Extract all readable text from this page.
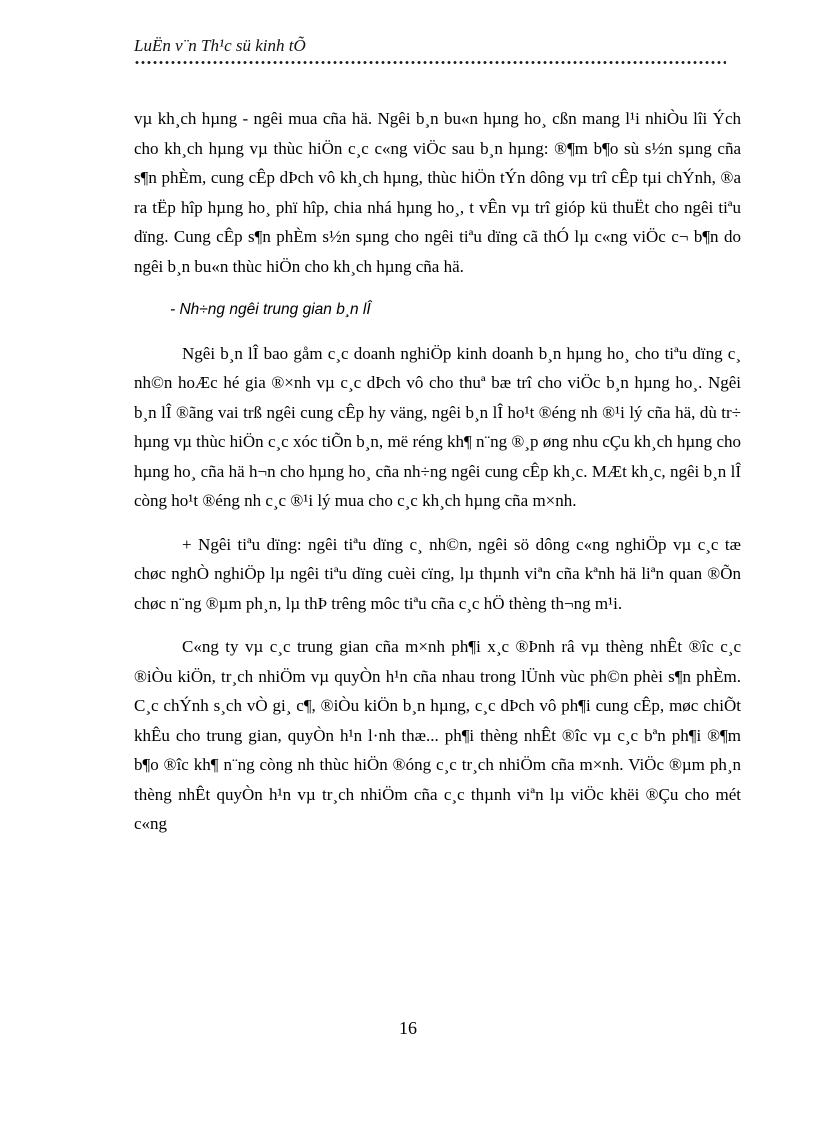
LuËn v¨n Th¹c sü kinh tÕ

vµ kh¸ch hµng - ngêi mua cña hä. Ngêi b¸n bu«n hµng ho¸ cßn mang l¹i nhiÒu lîi Ých cho kh¸ch hµng vµ thùc hiÖn c¸c c«ng viÖc sau b¸n hµng: ®¶m b¶o sù s½n sµng cña s¶n phÈm, cung cÊp dÞch vô kh¸ch hµng, thùc hiÖn tÝn dông vµ trî cÊp tµi chÝnh, ®a ra tËp hîp hµng ho¸ phï hîp, chia nhá hµng ho¸, t vÊn vµ trî gióp kü thuËt cho ngêi tiªu dïng. Cung cÊp s¶n phÈm s½n sµng cho ngêi tiªu dïng cã thÓ lµ c«ng viÖc c¬ b¶n do ngêi b¸n bu«n thùc hiÖn cho kh¸ch hµng cña hä.

- Nh÷ng ngêi trung gian b¸n lÎ

Ngêi b¸n lÎ bao gåm c¸c doanh nghiÖp kinh doanh b¸n hµng ho¸ cho tiªu dïng c¸ nh©n hoÆc hé gia ®×nh vµ c¸c dÞch vô cho thuª bæ trî cho viÖc b¸n hµng ho¸. Ngêi b¸n lÎ ®ãng vai trß ngêi cung cÊp hy väng, ngêi b¸n lÎ ho¹t ®éng nh ®¹i lý cña hä, dù tr÷ hµng vµ thùc hiÖn c¸c xóc tiÕn b¸n, më réng kh¶ n¨ng ®¸p øng nhu cÇu kh¸ch hµng cho hµng ho¸ cña hä h¬n cho hµng ho¸ cña nh÷ng ngêi cung cÊp kh¸c. MÆt kh¸c, ngêi b¸n lÎ còng ho¹t ®éng nh c¸c ®¹i lý mua cho c¸c kh¸ch hµng cña m×nh.

+ Ngêi tiªu dïng: ngêi tiªu dïng c¸ nh©n, ngêi sö dông c«ng nghiÖp vµ c¸c tæ chøc nghÒ nghiÖp lµ ngêi tiªu dïng cuèi cïng, lµ thµnh viªn cña kªnh hä liªn quan ®Õn chøc n¨ng ®µm ph¸n, lµ thÞ trêng môc tiªu cña c¸c hÖ thèng th¬ng m¹i.

C«ng ty vµ c¸c trung gian cña m×nh ph¶i x¸c ®Þnh râ vµ thèng nhÊt ®îc c¸c ®iÒu kiÖn, tr¸ch nhiÖm vµ quyÒn h¹n cña nhau trong lÜnh vùc ph©n phèi s¶n phÈm. C¸c chÝnh s¸ch vÒ gi¸ c¶, ®iÒu kiÖn b¸n hµng, c¸c dÞch vô ph¶i cung cÊp, møc chiÕt khÊu cho trung gian, quyÒn h¹n l·nh thæ... ph¶i thèng nhÊt ®îc vµ c¸c bªn ph¶i ®¶m b¶o ®îc kh¶ n¨ng còng nh thùc hiÖn ®óng c¸c tr¸ch nhiÖm cña m×nh. ViÖc ®µm ph¸n thèng nhÊt quyÒn h¹n vµ tr¸ch nhiÖm cña c¸c thµnh viªn lµ viÖc khëi ®Çu cho mét c«ng

16
